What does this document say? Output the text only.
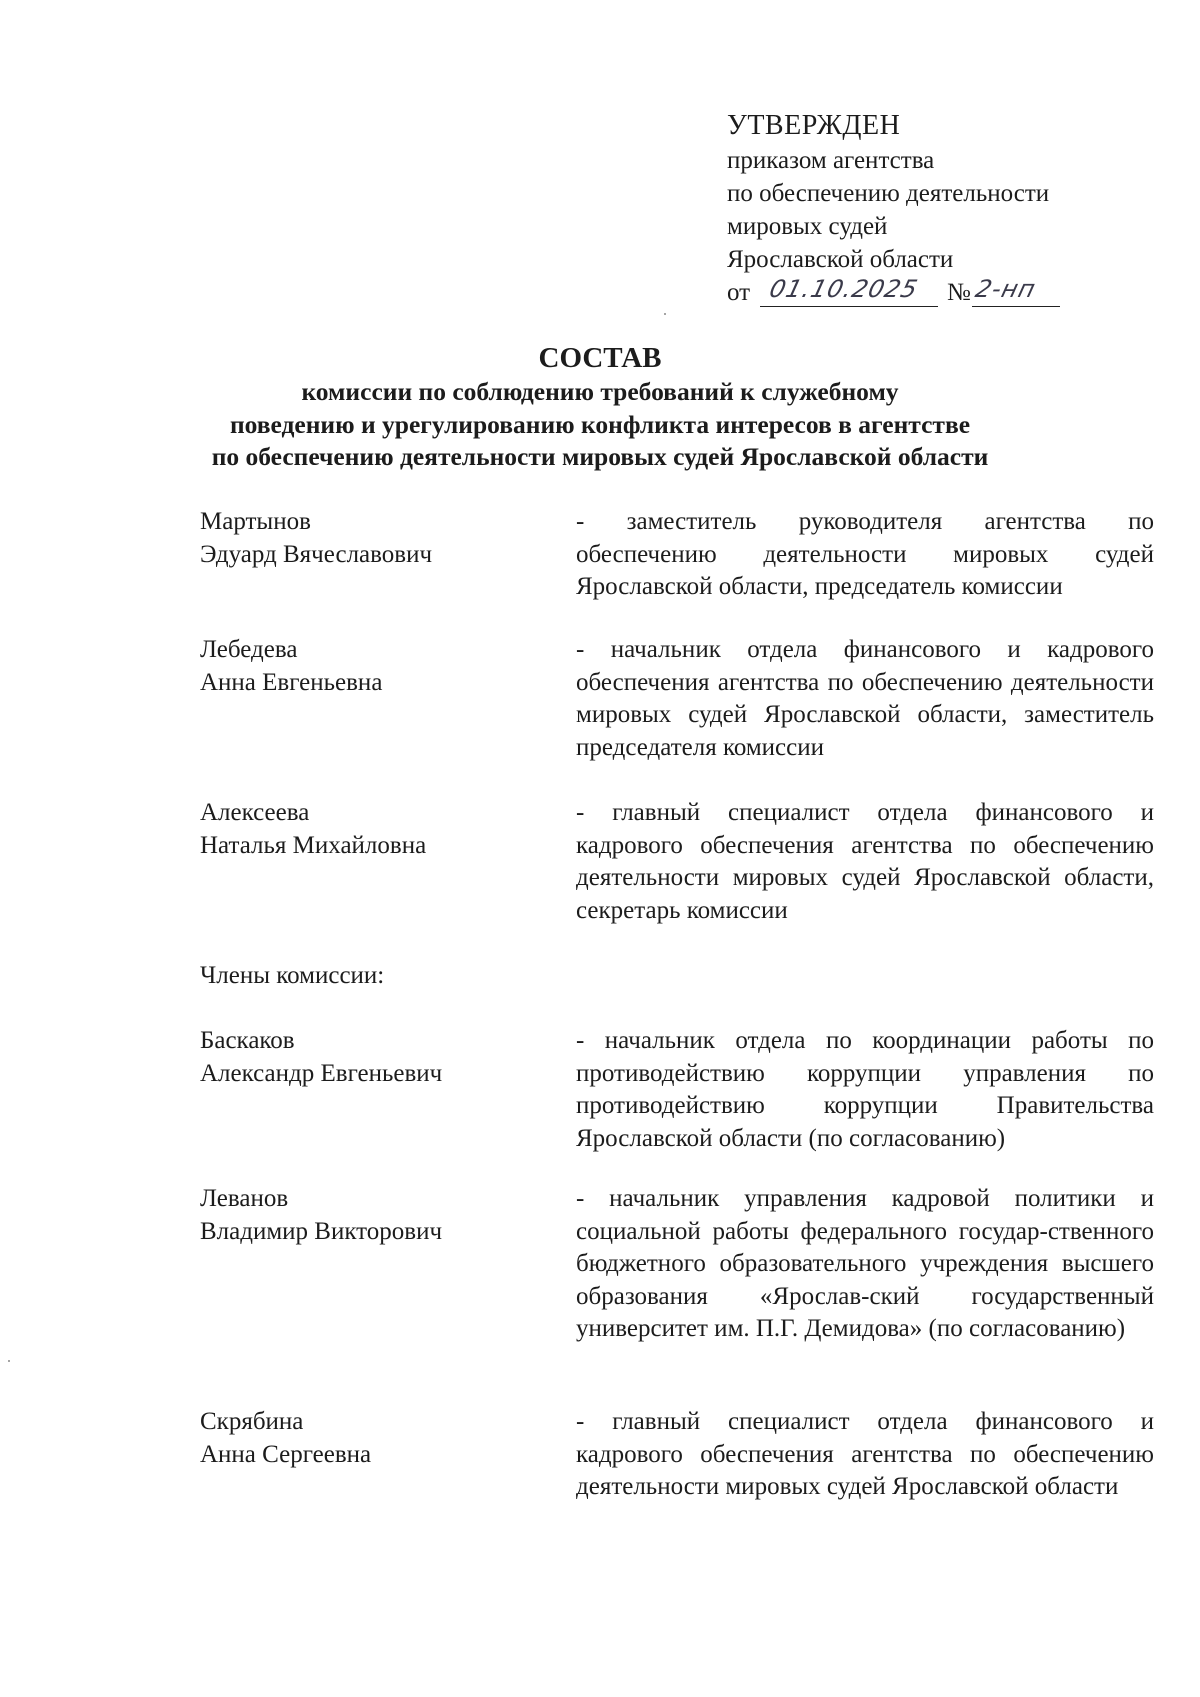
УТВЕРЖДЕН
приказом агентства
по обеспечению деятельности
мировых судей
Ярославской области
от 01.10.2025 № 2-нп
СОСТАВ
комиссии по соблюдению требований к служебному
поведению и урегулированию конфликта интересов в агентстве
по обеспечению деятельности мировых судей Ярославской области
Мартынов
Эдуард Вячеславович
- заместитель руководителя агентства по обеспечению деятельности мировых судей Ярославской области, председатель комиссии
Лебедева
Анна Евгеньевна
- начальник отдела финансового и кадрового обеспечения агентства по обеспечению деятельности мировых судей Ярославской области, заместитель председателя комиссии
Алексеева
Наталья Михайловна
- главный специалист отдела финансового и кадрового обеспечения агентства по обеспечению деятельности мировых судей Ярославской области, секретарь комиссии
Члены комиссии:
Баскаков
Александр Евгеньевич
- начальник отдела по координации работы по противодействию коррупции управления по противодействию коррупции Правительства Ярославской области (по согласованию)
Леванов
Владимир Викторович
- начальник управления кадровой политики и социальной работы федерального государ-ственного бюджетного образовательного учреждения высшего образования «Ярослав-ский государственный университет им. П.Г. Демидова» (по согласованию)
Скрябина
Анна Сергеевна
- главный специалист отдела финансового и кадрового обеспечения агентства по обеспечению деятельности мировых судей Ярославской области
